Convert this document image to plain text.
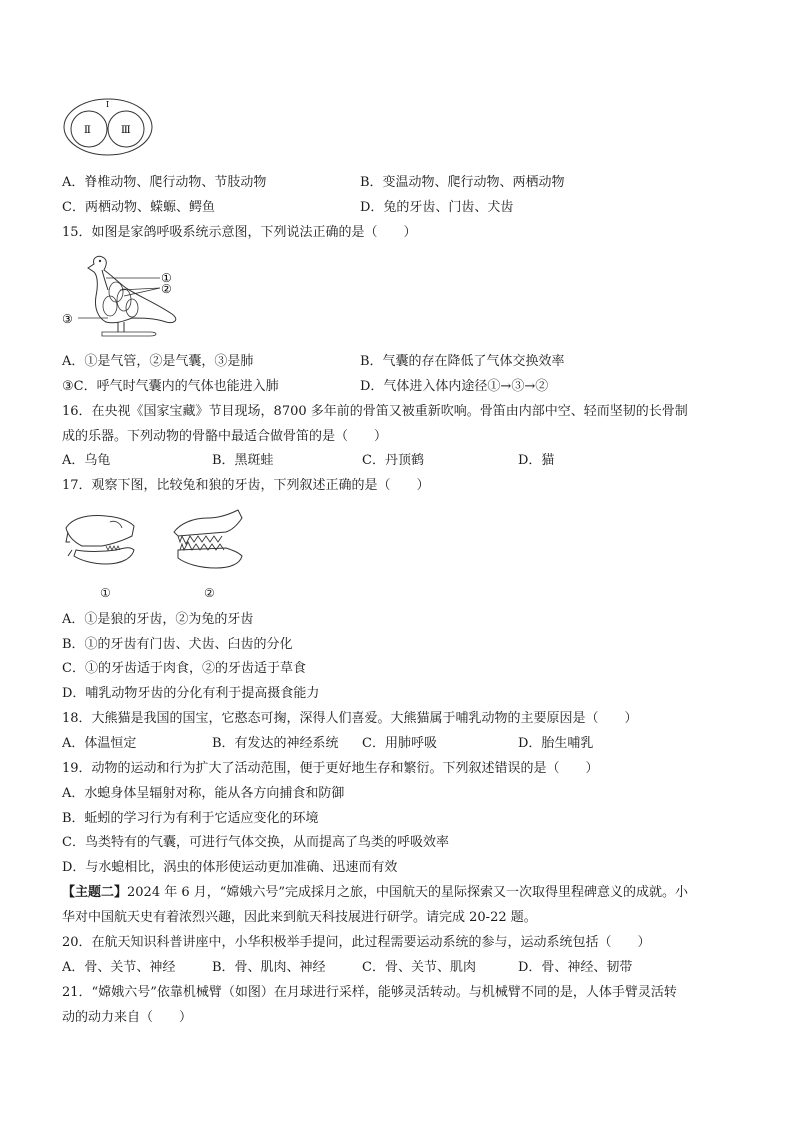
I
Ⅱ	Ⅲ
A．脊椎动物、爬行动物、节肢动物	B．变温动物、爬行动物、两栖动物
C．两栖动物、蝾螈、鳄鱼	D．兔的牙齿、门齿、犬齿
15．如图是家鸽呼吸系统示意图，下列说法正确的是（　　）
①
②
③
A．①是气管，②是气囊，③是肺	B．气囊的存在降低了气体交换效率
③C．呼气时气囊内的气体也能进入肺	D．气体进入体内途径①→③→②
16．在央视《国家宝藏》节目现场，8700 多年前的骨笛又被重新吹响。骨笛由内部中空、轻而坚韧的长骨制
成的乐器。下列动物的骨骼中最适合做骨笛的是（　　）
A．乌龟	B．黑斑蛙	C．丹顶鹤	D．猫
17．观察下图，比较兔和狼的牙齿，下列叙述正确的是（　　）
①	②
A．①是狼的牙齿，②为兔的牙齿
B．①的牙齿有门齿、犬齿、臼齿的分化
C．①的牙齿适于肉食，②的牙齿适于草食
D．哺乳动物牙齿的分化有利于提高摄食能力
18．大熊猫是我国的国宝，它憨态可掬，深得人们喜爱。大熊猫属于哺乳动物的主要原因是（　　）
A．体温恒定	B．有发达的神经系统 C．用肺呼吸	D．胎生哺乳
19．动物的运动和行为扩大了活动范围，便于更好地生存和繁衍。下列叙述错误的是（　　）
A．水螅身体呈辐射对称，能从各方向捕食和防御
B．蚯蚓的学习行为有利于它适应变化的环境
C．鸟类特有的气囊，可进行气体交换，从而提高了鸟类的呼吸效率
D．与水螅相比，涡虫的体形使运动更加准确、迅速而有效
【主题二】2024 年 6 月，“嫦娥六号”完成採月之旅，中国航天的星际探索又一次取得里程碑意义的成就。小
华对中国航天史有着浓烈兴趣，因此来到航天科技展进行研学。请完成 20-22 题。
20．在航天知识科普讲座中，小华积极举手提问，此过程需要运动系统的参与，运动系统包括（　　）
A．骨、关节、神经	B．骨、肌肉、神经	C．骨、关节、肌肉	D．骨、神经、韧带
21．“嫦娥六号”依靠机械臂（如图）在月球进行采样，能够灵活转动。与机械臂不同的是，人体手臂灵活转
动的动力来自（　　）
